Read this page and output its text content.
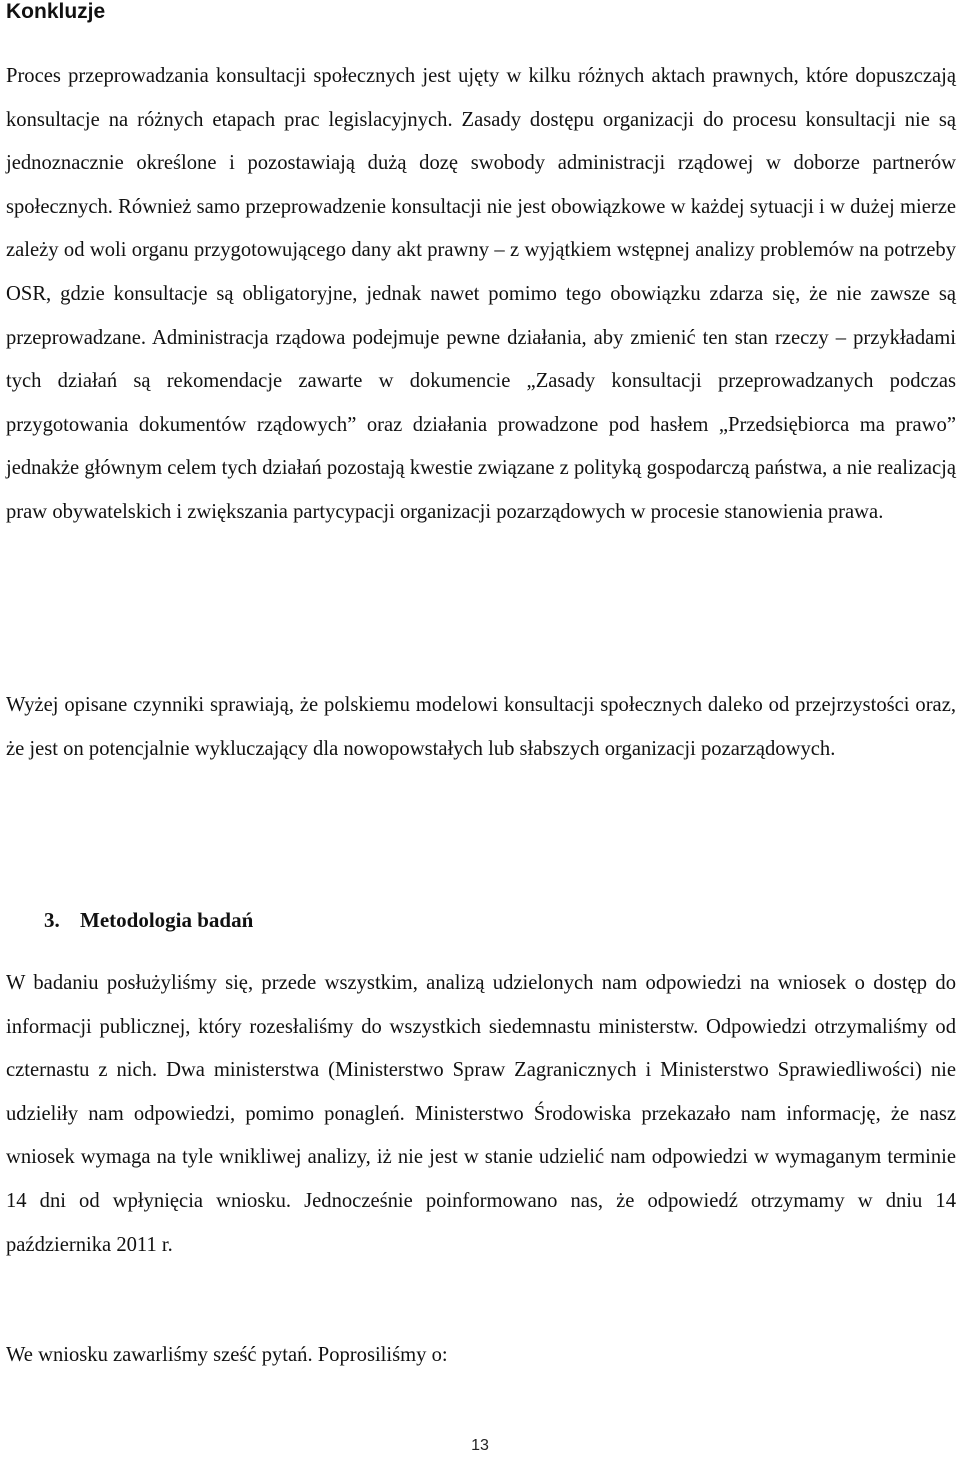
Konkluzje

Proces przeprowadzania konsultacji społecznych jest ujęty w kilku różnych aktach prawnych, które dopuszczają konsultacje na różnych etapach prac legislacyjnych. Zasady dostępu organizacji do procesu konsultacji nie są jednoznacznie określone i pozostawiają dużą dozę swobody administracji rządowej w doborze partnerów społecznych. Również samo przeprowadzenie konsultacji nie jest obowiązkowe w każdej sytuacji i w dużej mierze zależy od woli organu przygotowującego dany akt prawny – z wyjątkiem wstępnej analizy problemów na potrzeby OSR, gdzie konsultacje są obligatoryjne, jednak nawet pomimo tego obowiązku zdarza się, że nie zawsze są przeprowadzane. Administracja rządowa podejmuje pewne działania, aby zmienić ten stan rzeczy – przykładami tych działań są rekomendacje zawarte w dokumencie „Zasady konsultacji przeprowadzanych podczas przygotowania dokumentów rządowych” oraz działania prowadzone pod hasłem „Przedsiębiorca ma prawo” jednakże głównym celem tych działań pozostają kwestie związane z polityką gospodarczą państwa, a nie realizacją praw obywatelskich i zwiększania partycypacji organizacji pozarządowych w procesie stanowienia prawa.

Wyżej opisane czynniki sprawiają, że polskiemu modelowi konsultacji społecznych daleko od przejrzystości oraz, że jest on potencjalnie wykluczający dla nowopowstałych lub słabszych organizacji pozarządowych.

3. Metodologia badań

W badaniu posłużyliśmy się, przede wszystkim, analizą udzielonych nam odpowiedzi na wniosek o dostęp do informacji publicznej, który rozesłaliśmy do wszystkich siedemnastu ministerstw. Odpowiedzi otrzymaliśmy od czternastu z nich. Dwa ministerstwa (Ministerstwo Spraw Zagranicznych i Ministerstwo Sprawiedliwości) nie udzieliły nam odpowiedzi, pomimo ponagleń. Ministerstwo Środowiska przekazało nam informację, że nasz wniosek wymaga na tyle wnikliwej analizy, iż nie jest w stanie udzielić nam odpowiedzi w wymaganym terminie 14 dni od wpłynięcia wniosku. Jednocześnie poinformowano nas, że odpowiedź otrzymamy w dniu 14 października 2011 r.

We wniosku zawarliśmy sześć pytań. Poprosiliśmy o:

13
